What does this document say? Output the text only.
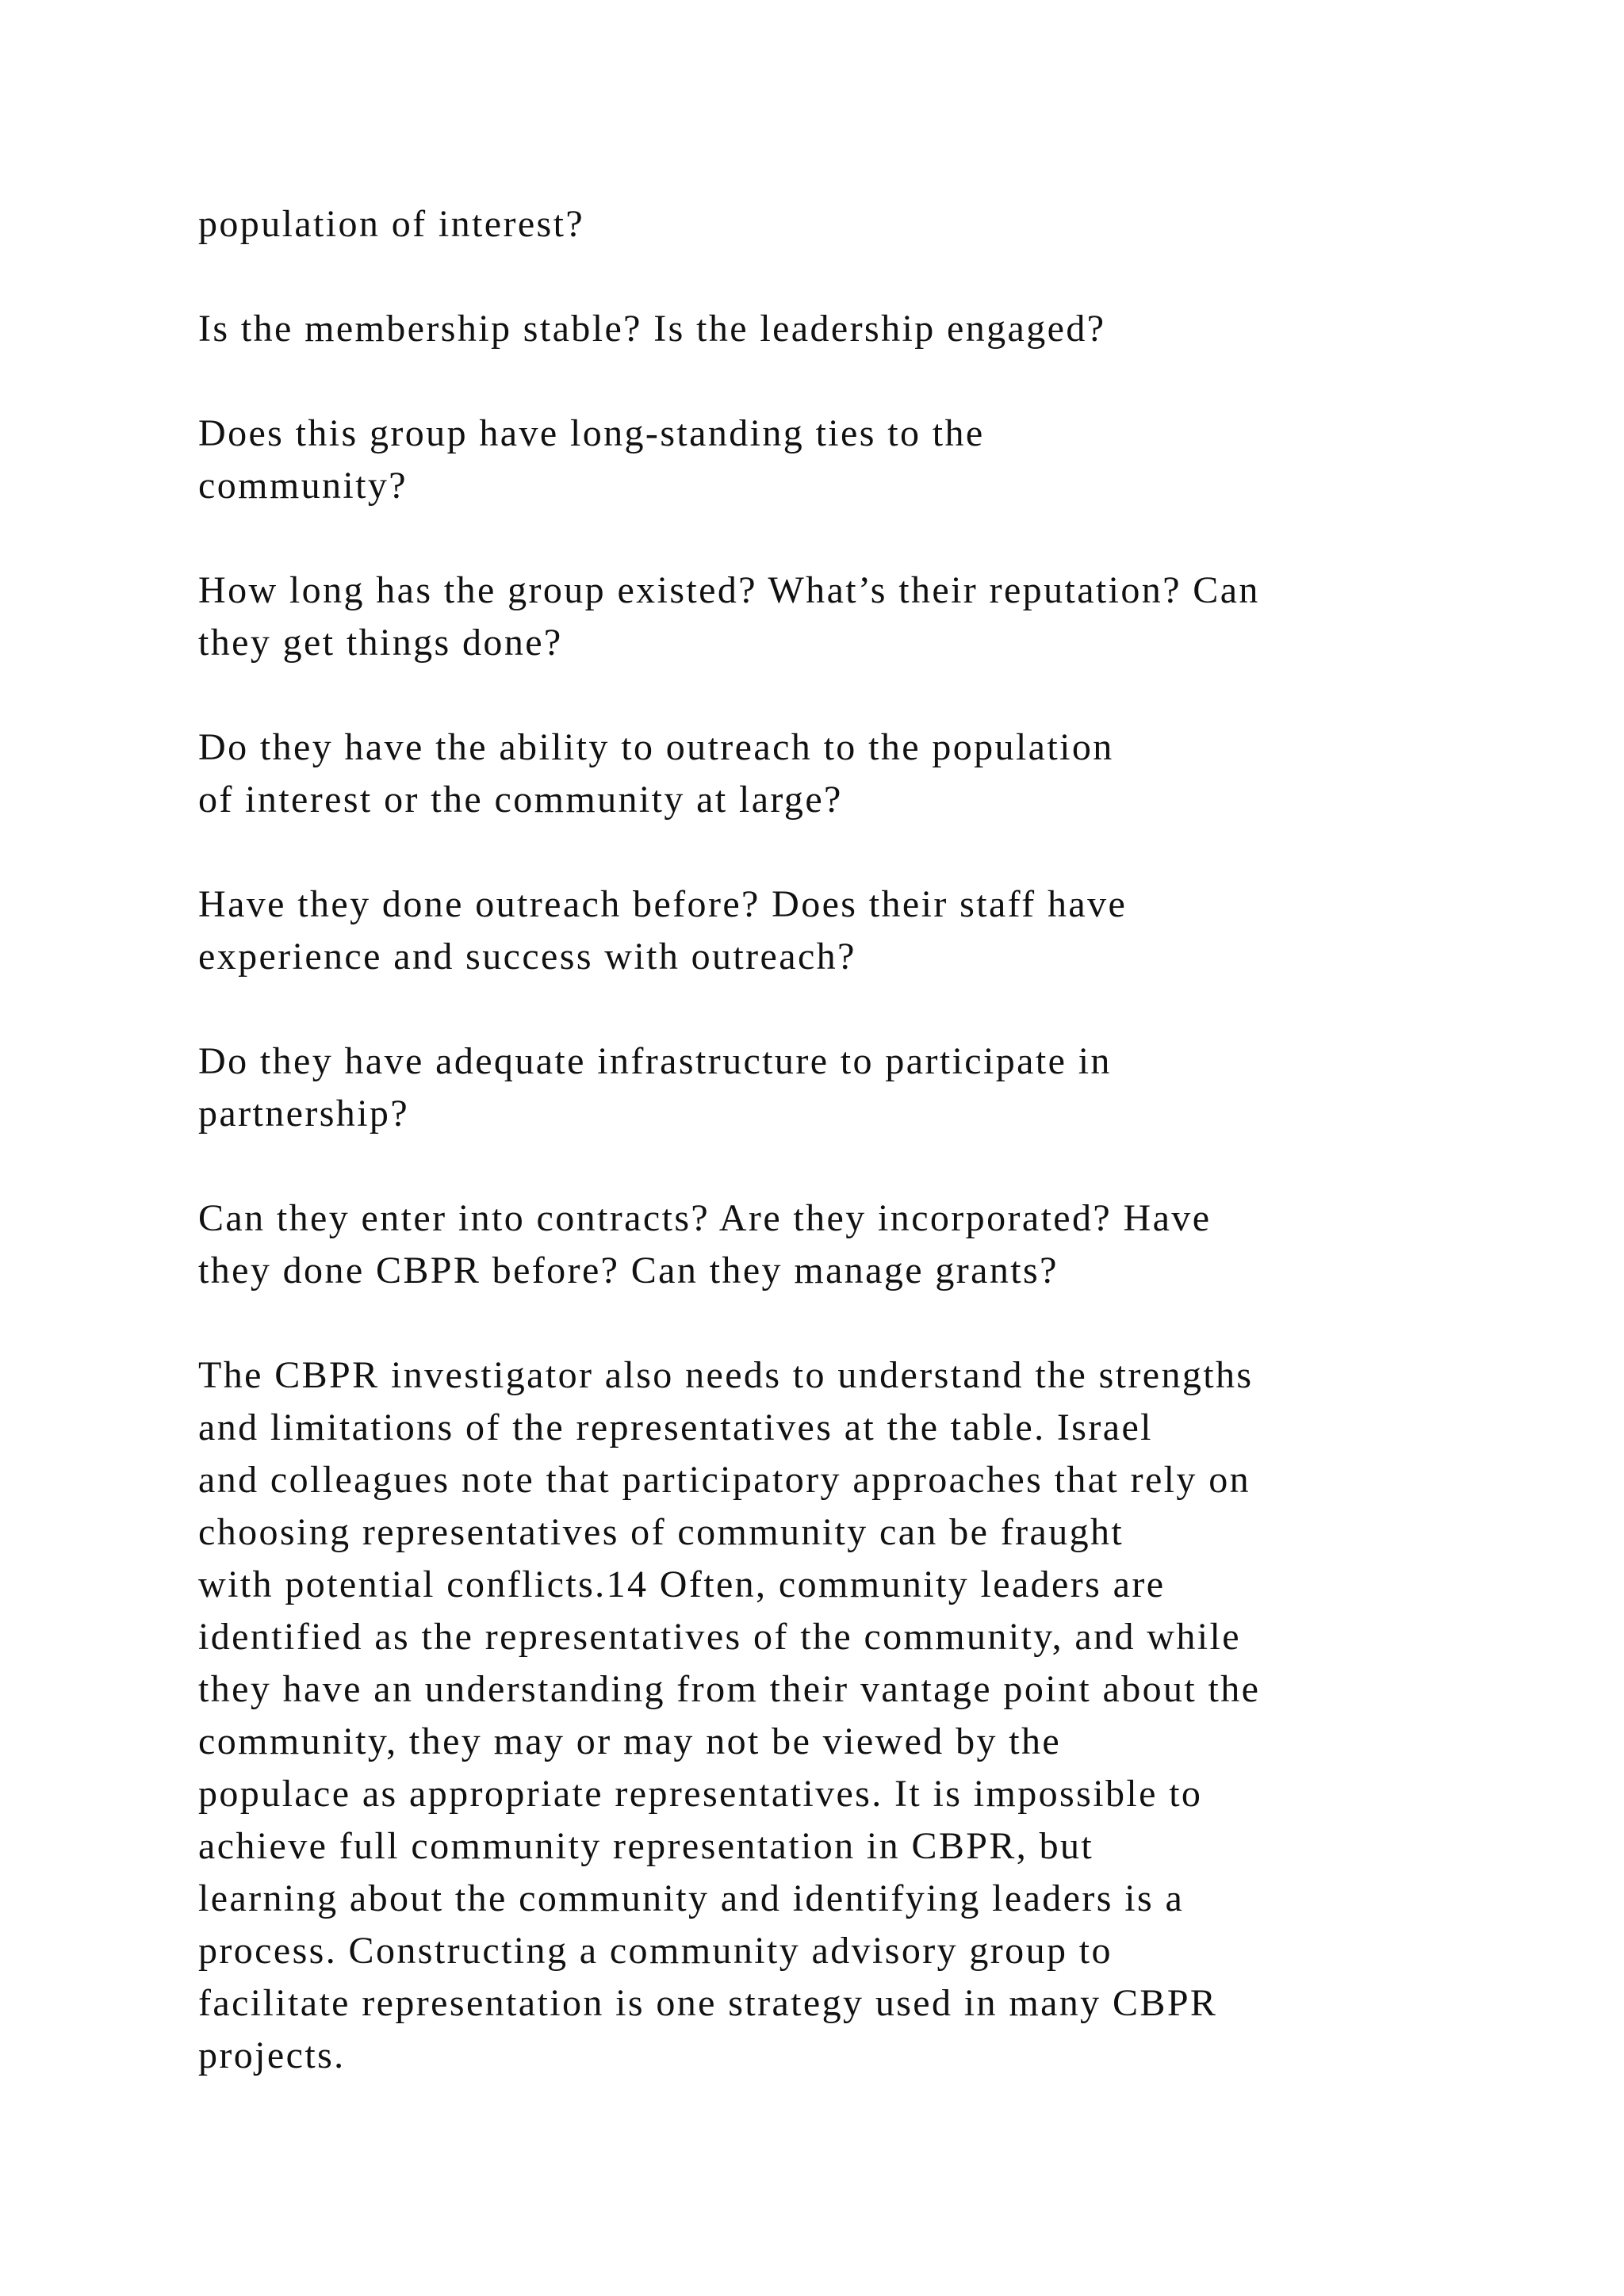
population of interest?

Is the membership stable? Is the leadership engaged?

Does this group have long-standing ties to the
community?

How long has the group existed? What’s their reputation? Can
they get things done?

Do they have the ability to outreach to the population
of interest or the community at large?

Have they done outreach before? Does their staff have
experience and success with outreach?

Do they have adequate infrastructure to participate in
partnership?

Can they enter into contracts? Are they incorporated? Have
they done CBPR before? Can they manage grants?

The CBPR investigator also needs to understand the strengths
and limitations of the representatives at the table. Israel
and colleagues note that participatory approaches that rely on
choosing representatives of community can be fraught
with potential conflicts.14 Often, community leaders are
identified as the representatives of the community, and while
they have an understanding from their vantage point about the
community, they may or may not be viewed by the
populace as appropriate representatives. It is impossible to
achieve full community representation in CBPR, but
learning about the community and identifying leaders is a
process. Constructing a community advisory group to
facilitate representation is one strategy used in many CBPR
projects.
